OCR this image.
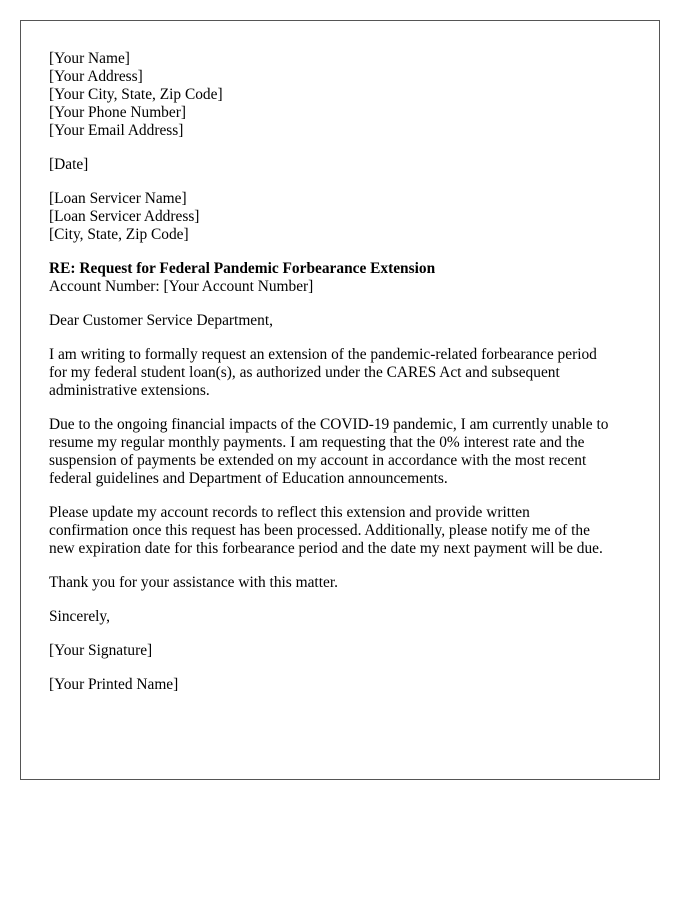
[Your Name]
[Your Address]
[Your City, State, Zip Code]
[Your Phone Number]
[Your Email Address]
[Date]
[Loan Servicer Name]
[Loan Servicer Address]
[City, State, Zip Code]
RE: Request for Federal Pandemic Forbearance Extension
Account Number: [Your Account Number]
Dear Customer Service Department,
I am writing to formally request an extension of the pandemic-related forbearance period
for my federal student loan(s), as authorized under the CARES Act and subsequent
administrative extensions.
Due to the ongoing financial impacts of the COVID-19 pandemic, I am currently unable to
resume my regular monthly payments. I am requesting that the 0% interest rate and the
suspension of payments be extended on my account in accordance with the most recent
federal guidelines and Department of Education announcements.
Please update my account records to reflect this extension and provide written
confirmation once this request has been processed. Additionally, please notify me of the
new expiration date for this forbearance period and the date my next payment will be due.
Thank you for your assistance with this matter.
Sincerely,
[Your Signature]
[Your Printed Name]
